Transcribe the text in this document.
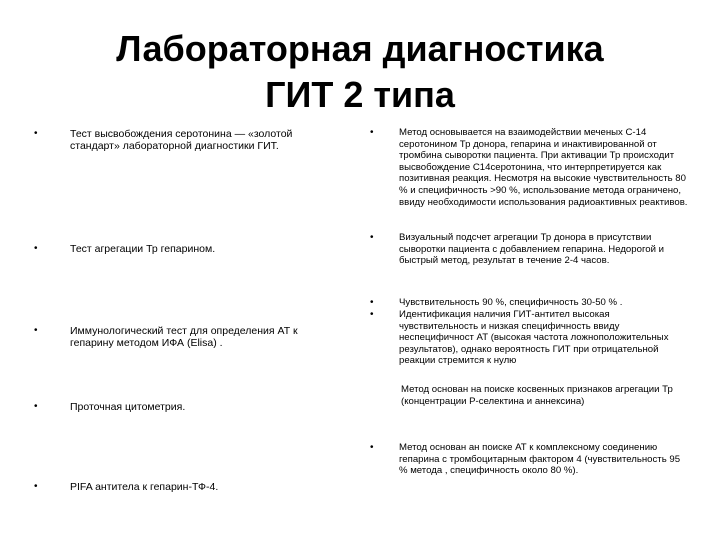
Лабораторная диагностика
ГИТ 2 типа
•	Тест высвобождения серотонина — «золотой стандарт» лабораторной диагностики ГИТ.
•	Тест агрегации Тр гепарином.
•	Иммунологический тест для определения АТ к гепарину методом ИФА (Elisa) .
•	Проточная цитометрия.
•	PIFA антитела к гепарин-ТФ-4.
•	Метод основывается на взаимодействии меченых С-14 серотонином Тр донора, гепарина и инактивированной от тромбина сыворотки пациента. При активации Тр происходит высвобождение С14серотонина, что интерпретируется как позитивная реакция. Несмотря на высокие чувствительность 80 % и специфичность >90 %, использование метода ограничено, ввиду необходимости использования радиоактивных реактивов.
•	Визуальный подсчет агрегации Тр донора в присутствии сыворотки пациента с добавлением гепарина. Недорогой и быстрый метод, результат в течение 2-4 часов.
•	Чувствительность 90 %, специфичность 30-50 % .
•	Идентификация наличия ГИТ-антител высокая чувствительность и низкая специфичность ввиду неспецифичност АТ (высокая частота ложноположительных результатов), однако вероятность ГИТ при отрицательной реакции стремится к нулю
Метод основан на поиске косвенных признаков агрегации Тр (концентрации Р-селектина и аннексина)
•	Метод основан ан поиске АТ к комплексному соединению гепарина с тромбоцитарным фактором 4 (чувствительность 95 % метода , специфичность около 80 %).
